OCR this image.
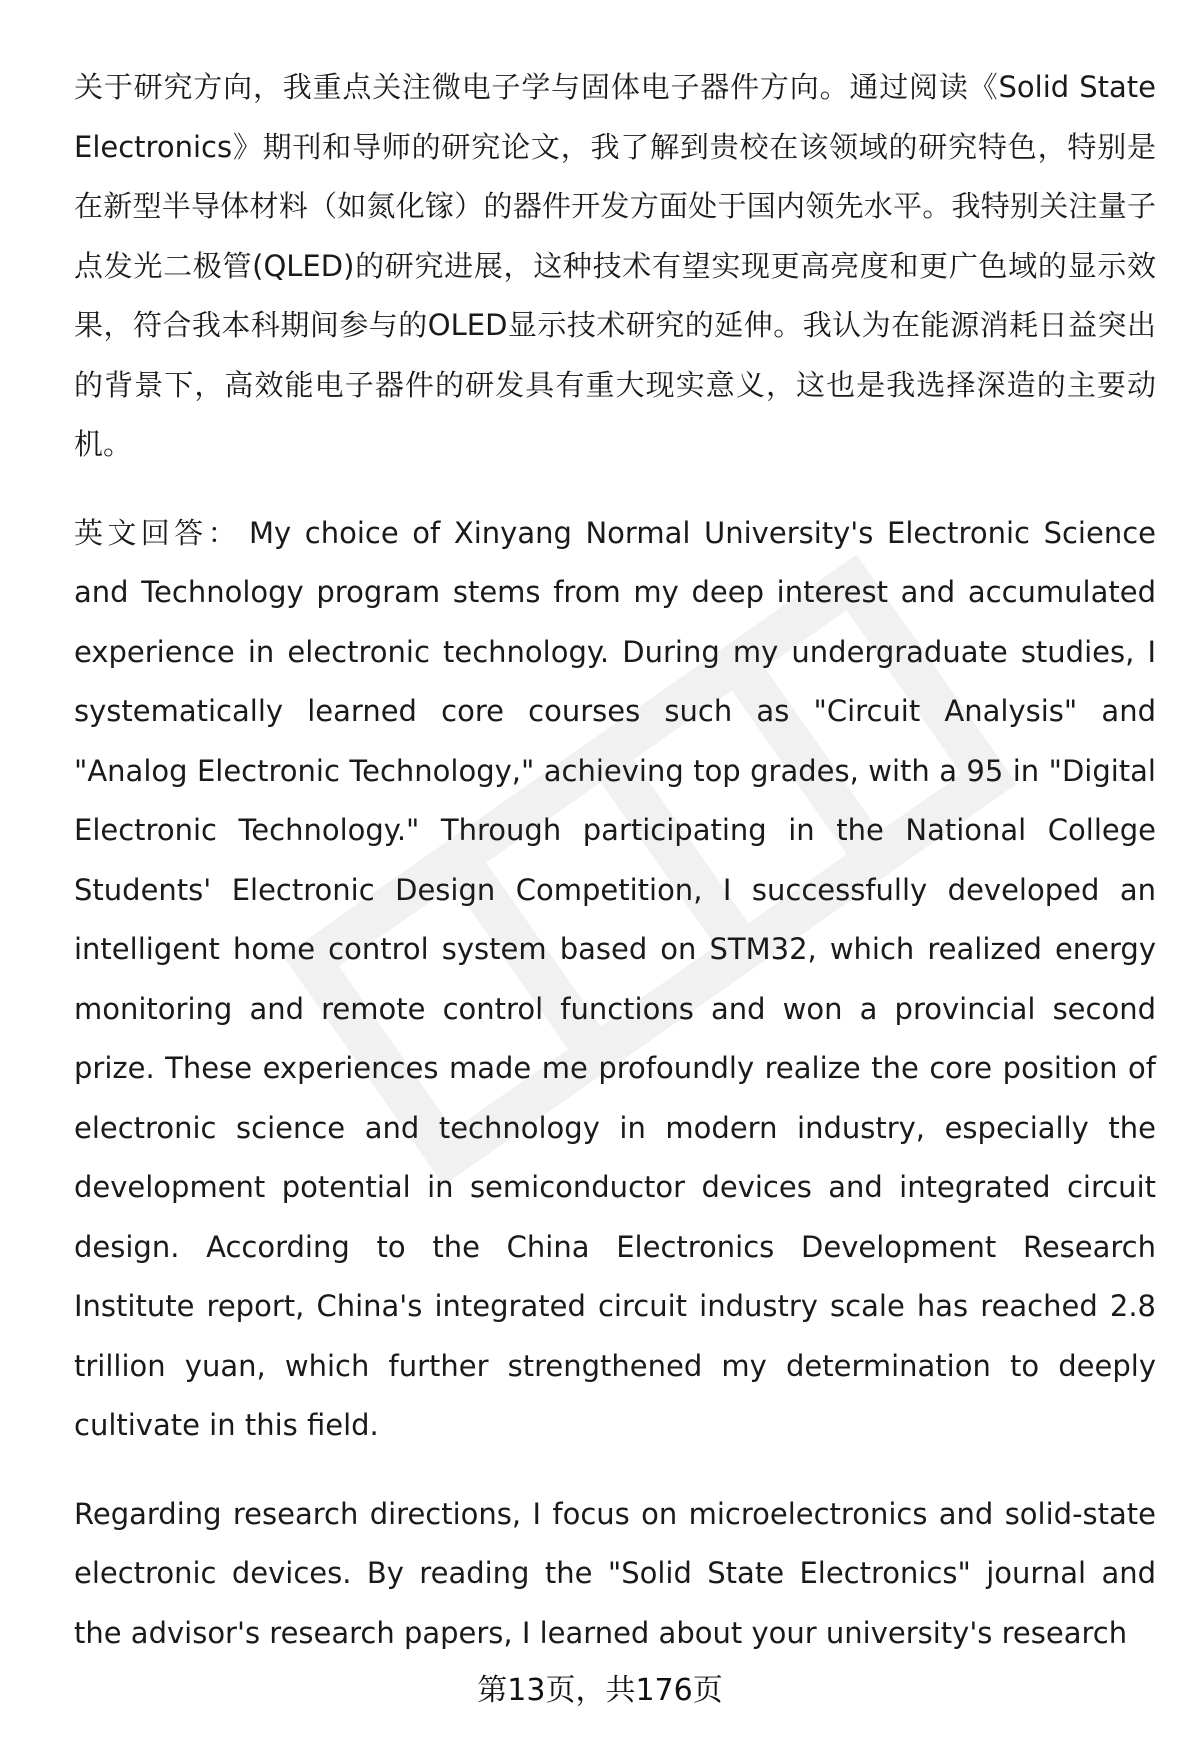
关于研究方向，我重点关注微电子学与固体电子器件方向。通过阅读《Solid State Electronics》期刊和导师的研究论文，我了解到贵校在该领域的研究特色，特别是在新型半导体材料（如氮化镓）的器件开发方面处于国内领先水平。我特别关注量子点发光二极管(QLED)的研究进展，这种技术有望实现更高亮度和更广色域的显示效果，符合我本科期间参与的OLED显示技术研究的延伸。我认为在能源消耗日益突出的背景下，高效能电子器件的研发具有重大现实意义，这也是我选择深造的主要动机。

英文回答： My choice of Xinyang Normal University's Electronic Science and Technology program stems from my deep interest and accumulated experience in electronic technology. During my undergraduate studies, I systematically learned core courses such as "Circuit Analysis" and "Analog Electronic Technology," achieving top grades, with a 95 in "Digital Electronic Technology." Through participating in the National College Students' Electronic Design Competition, I successfully developed an intelligent home control system based on STM32, which realized energy monitoring and remote control functions and won a provincial second prize. These experiences made me profoundly realize the core position of electronic science and technology in modern industry, especially the development potential in semiconductor devices and integrated circuit design. According to the China Electronics Development Research Institute report, China's integrated circuit industry scale has reached 2.8 trillion yuan, which further strengthened my determination to deeply cultivate in this field.

Regarding research directions, I focus on microelectronics and solid-state electronic devices. By reading the "Solid State Electronics" journal and the advisor's research papers, I learned about your university's research

第13页，共176页
